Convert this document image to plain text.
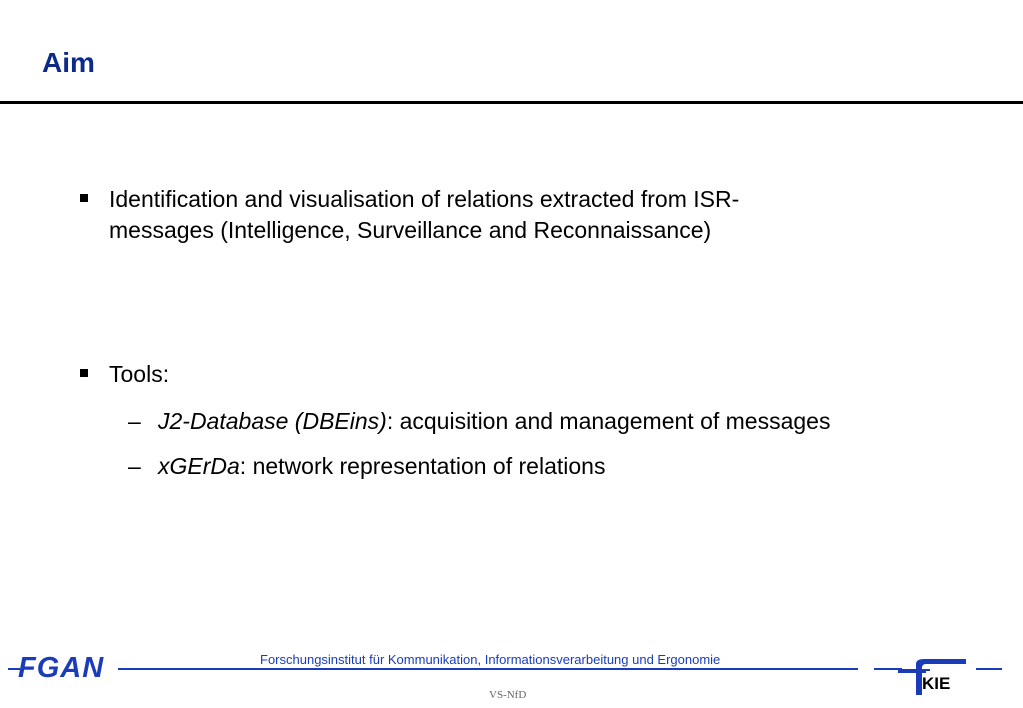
Aim
Identification and visualisation of relations extracted from ISR-messages (Intelligence, Surveillance and Reconnaissance)
Tools:
– J2-Database (DBEins): acquisition and management of messages
– xGErDa: network representation of relations
FGAN	Forschungsinstitut für Kommunikation, Informationsverarbeitung und Ergonomie
KIE
VS-NfD
